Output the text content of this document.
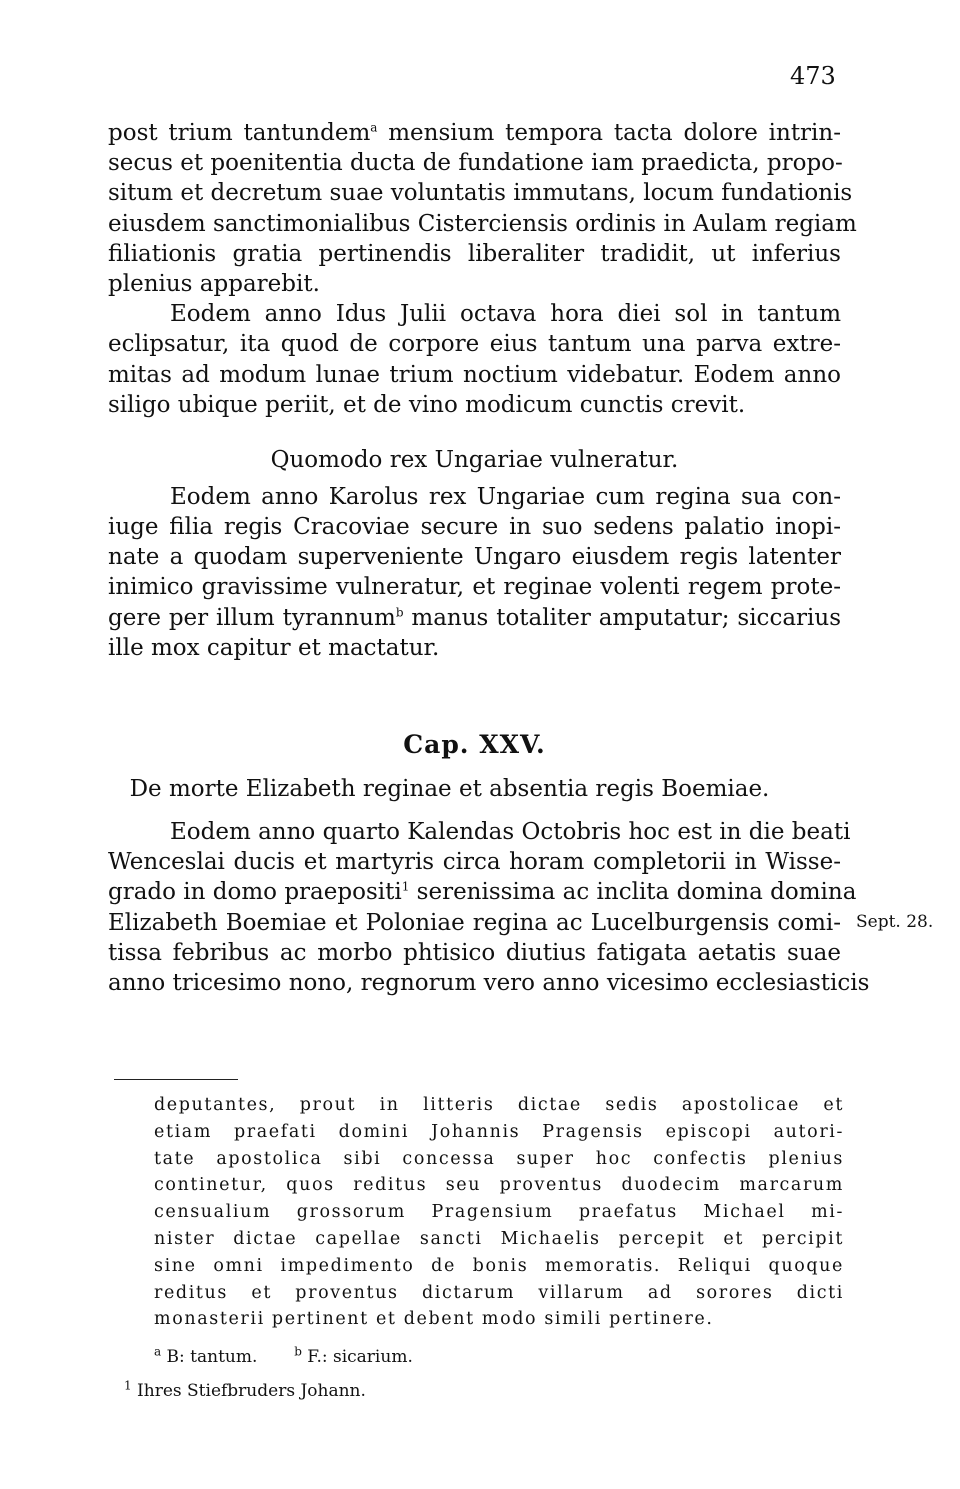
473
post trium tantundem$^a$ mensium tempora tacta dolore intrin-
secus et poenitentia ducta de fundatione iam praedicta, propo-
situm et decretum suae voluntatis immutans, locum fundationis
eiusdem sanctimonialibus Cisterciensis ordinis in Aulam regiam
filiationis gratia pertinendis liberaliter tradidit, ut inferius
plenius apparebit.
Eodem anno Idus Julii octava hora diei sol in tantum
eclipsatur, ita quod de corpore eius tantum una parva extre-
mitas ad modum lunae trium noctium videbatur. Eodem anno
siligo ubique periit, et de vino modicum cunctis crevit.
Quomodo rex Ungariae vulneratur.
Eodem anno Karolus rex Ungariae cum regina sua con-
iuge filia regis Cracoviae secure in suo sedens palatio inopi-
nate a quodam superveniente Ungaro eiusdem regis latenter
inimico gravissime vulneratur, et reginae volenti regem prote-
gere per illum tyrannum$^b$ manus totaliter amputatur; siccarius
ille mox capitur et mactatur.
Cap. XXV.
De morte Elizabeth reginae et absentia regis Boemiae.
Eodem anno quarto Kalendas Octobris hoc est in die beati
Wenceslai ducis et martyris circa horam completorii in Wisse-
grado in domo praepositi$^1$ serenissima ac inclita domina domina
Elizabeth Boemiae et Poloniae regina ac Lucelburgensis comi-
tissa febribus ac morbo phtisico diutius fatigata aetatis suae
anno tricesimo nono, regnorum vero anno vicesimo ecclesiasticis
Sept. 28.
deputantes, prout in litteris dictae sedis apostolicae et
etiam praefati domini Johannis Pragensis episcopi autori-
tate apostolica sibi concessa super hoc confectis plenius
continetur, quos reditus seu proventus duodecim marcarum
censualium grossorum Pragensium praefatus Michael mi-
nister dictae capellae sancti Michaelis percepit et percipit
sine omni impedimento de bonis memoratis. Reliqui quoque
reditus et proventus dictarum villarum ad sorores dicti
monasterii pertinent et debent modo simili pertinere.
$^a$ B: tantum.	$^b$ F.: sicarium.
$^1$ Ihres Stiefbruders Johann.
